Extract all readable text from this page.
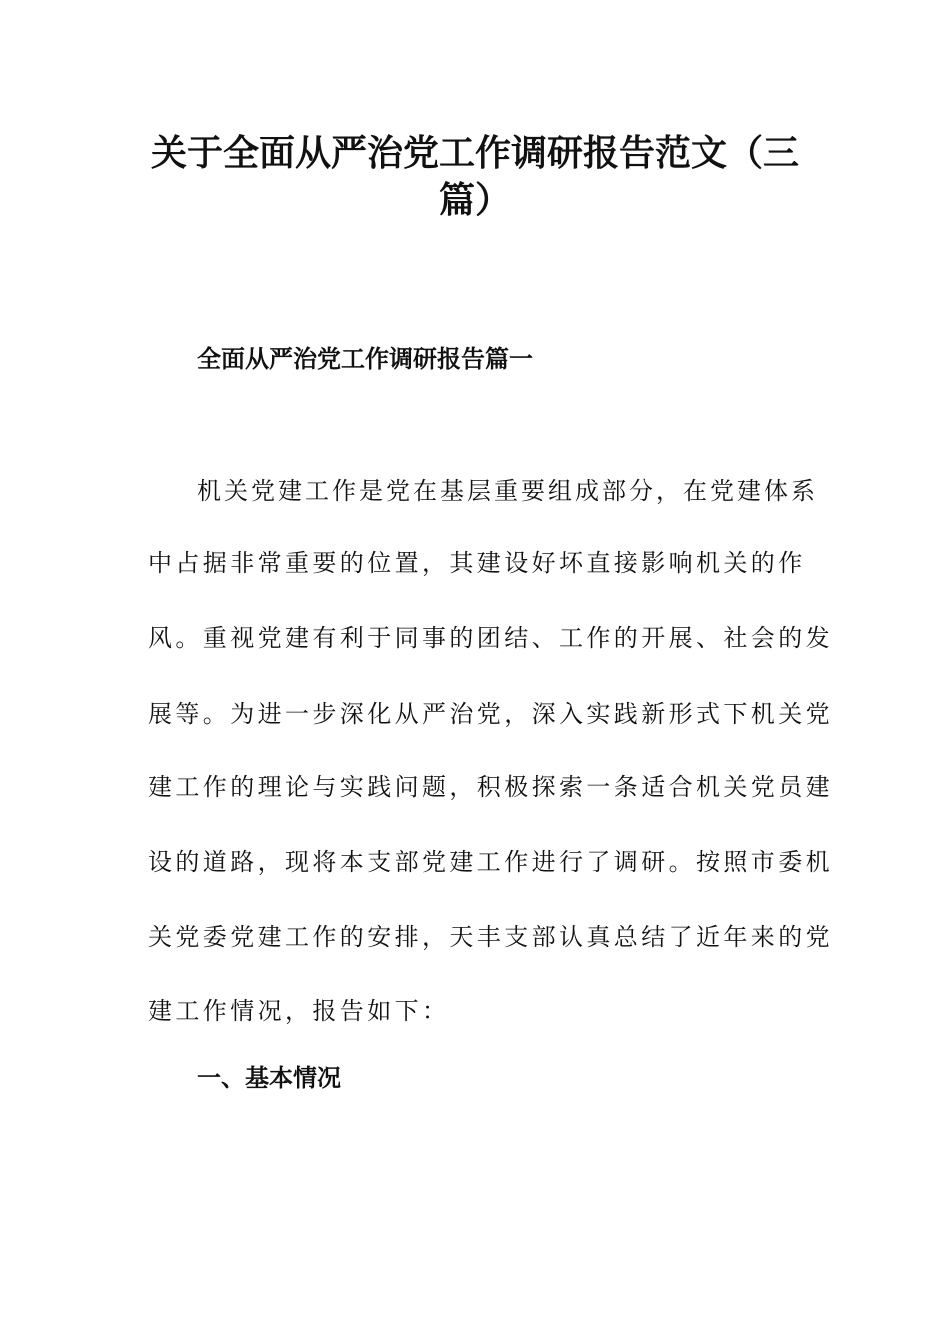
关于全面从严治党工作调研报告范文（三
篇）
全面从严治党工作调研报告篇一

机关党建工作是党在基层重要组成部分，在党建体系

中占据非常重要的位置，其建设好坏直接影响机关的作

风。重视党建有利于同事的团结、工作的开展、社会的发

展等。为进一步深化从严治党，深入实践新形式下机关党

建工作的理论与实践问题，积极探索一条适合机关党员建

设的道路，现将本支部党建工作进行了调研。按照市委机

关党委党建工作的安排，天丰支部认真总结了近年来的党

建工作情况，报告如下：

一、基本情况
